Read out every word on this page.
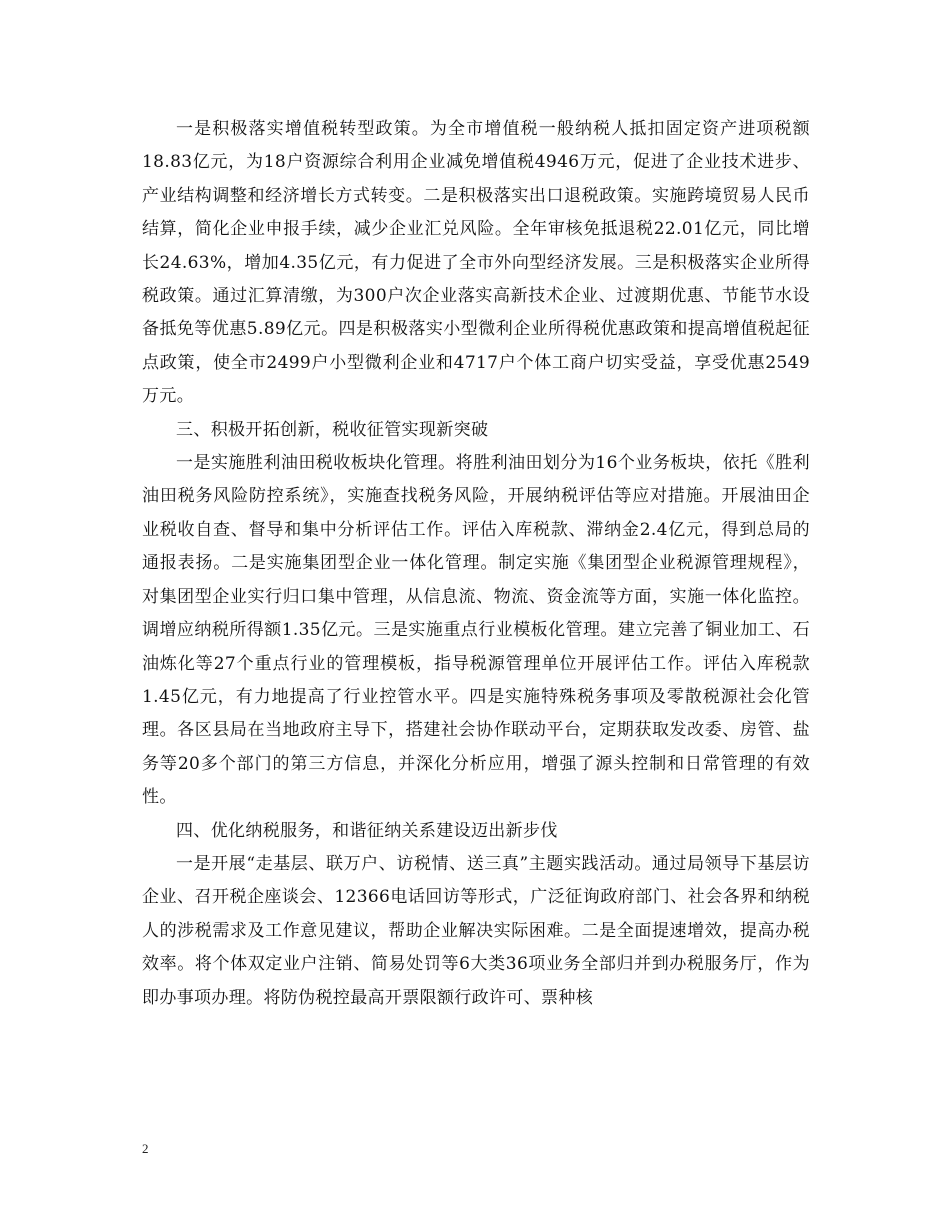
一是积极落实增值税转型政策。为全市增值税一般纳税人抵扣固定资产进项税额18.83亿元，为18户资源综合利用企业减免增值税4946万元，促进了企业技术进步、产业结构调整和经济增长方式转变。二是积极落实出口退税政策。实施跨境贸易人民币结算，简化企业申报手续，减少企业汇兑风险。全年审核免抵退税22.01亿元，同比增长24.63%，增加4.35亿元，有力促进了全市外向型经济发展。三是积极落实企业所得税政策。通过汇算清缴，为300户次企业落实高新技术企业、过渡期优惠、节能节水设备抵免等优惠5.89亿元。四是积极落实小型微利企业所得税优惠政策和提高增值税起征点政策，使全市2499户小型微利企业和4717户个体工商户切实受益，享受优惠2549万元。

三、积极开拓创新，税收征管实现新突破

一是实施胜利油田税收板块化管理。将胜利油田划分为16个业务板块，依托《胜利油田税务风险防控系统》，实施查找税务风险，开展纳税评估等应对措施。开展油田企业税收自查、督导和集中分析评估工作。评估入库税款、滞纳金2.4亿元，得到总局的通报表扬。二是实施集团型企业一体化管理。制定实施《集团型企业税源管理规程》，对集团型企业实行归口集中管理，从信息流、物流、资金流等方面，实施一体化监控。调增应纳税所得额1.35亿元。三是实施重点行业模板化管理。建立完善了铜业加工、石油炼化等27个重点行业的管理模板，指导税源管理单位开展评估工作。评估入库税款1.45亿元，有力地提高了行业控管水平。四是实施特殊税务事项及零散税源社会化管理。各区县局在当地政府主导下，搭建社会协作联动平台，定期获取发改委、房管、盐务等20多个部门的第三方信息，并深化分析应用，增强了源头控制和日常管理的有效性。

四、优化纳税服务，和谐征纳关系建设迈出新步伐

一是开展“走基层、联万户、访税情、送三真”主题实践活动。通过局领导下基层访企业、召开税企座谈会、12366电话回访等形式，广泛征询政府部门、社会各界和纳税人的涉税需求及工作意见建议，帮助企业解决实际困难。二是全面提速增效，提高办税效率。将个体双定业户注销、简易处罚等6大类36项业务全部归并到办税服务厅，作为即办事项办理。将防伪税控最高开票限额行政许可、票种核

2
